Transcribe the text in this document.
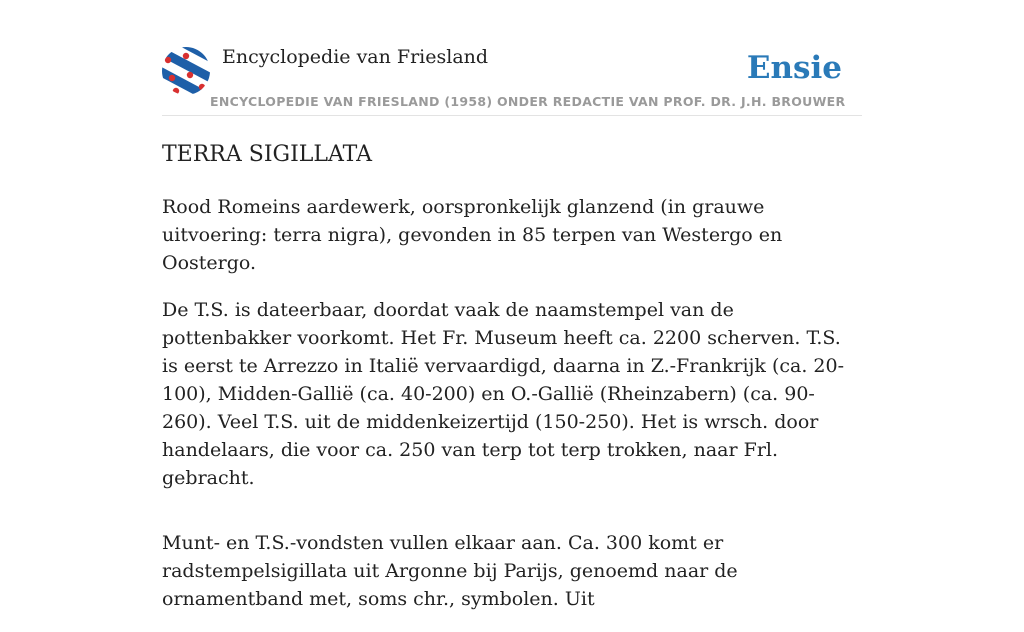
Encyclopedie van Friesland
ENCYCLOPEDIE VAN FRIESLAND (1958) ONDER REDACTIE VAN PROF. DR. J.H. BROUWER
Ensie
TERRA SIGILLATA

Rood Romeins aardewerk, oorspronkelijk glanzend (in grauwe uitvoering: terra nigra), gevonden in 85 terpen van Westergo en Oostergo.

De T.S. is dateerbaar, doordat vaak de naamstempel van de pottenbakker voorkomt. Het Fr. Museum heeft ca. 2200 scherven. T.S. is eerst te Arrezzo in Italië vervaardigd, daarna in Z.-Frankrijk (ca. 20-100), Midden-Gallië (ca. 40-200) en O.-Gallië (Rheinzabern) (ca. 90-260). Veel T.S. uit de middenkeizertijd (150-250). Het is wrsch. door handelaars, die voor ca. 250 van terp tot terp trokken, naar Frl. gebracht.

Munt- en T.S.-vondsten vullen elkaar aan. Ca. 300 komt er radstempelsigillata uit Argonne bij Parijs, genoemd naar de ornamentband met, soms chr., symbolen. Uit
